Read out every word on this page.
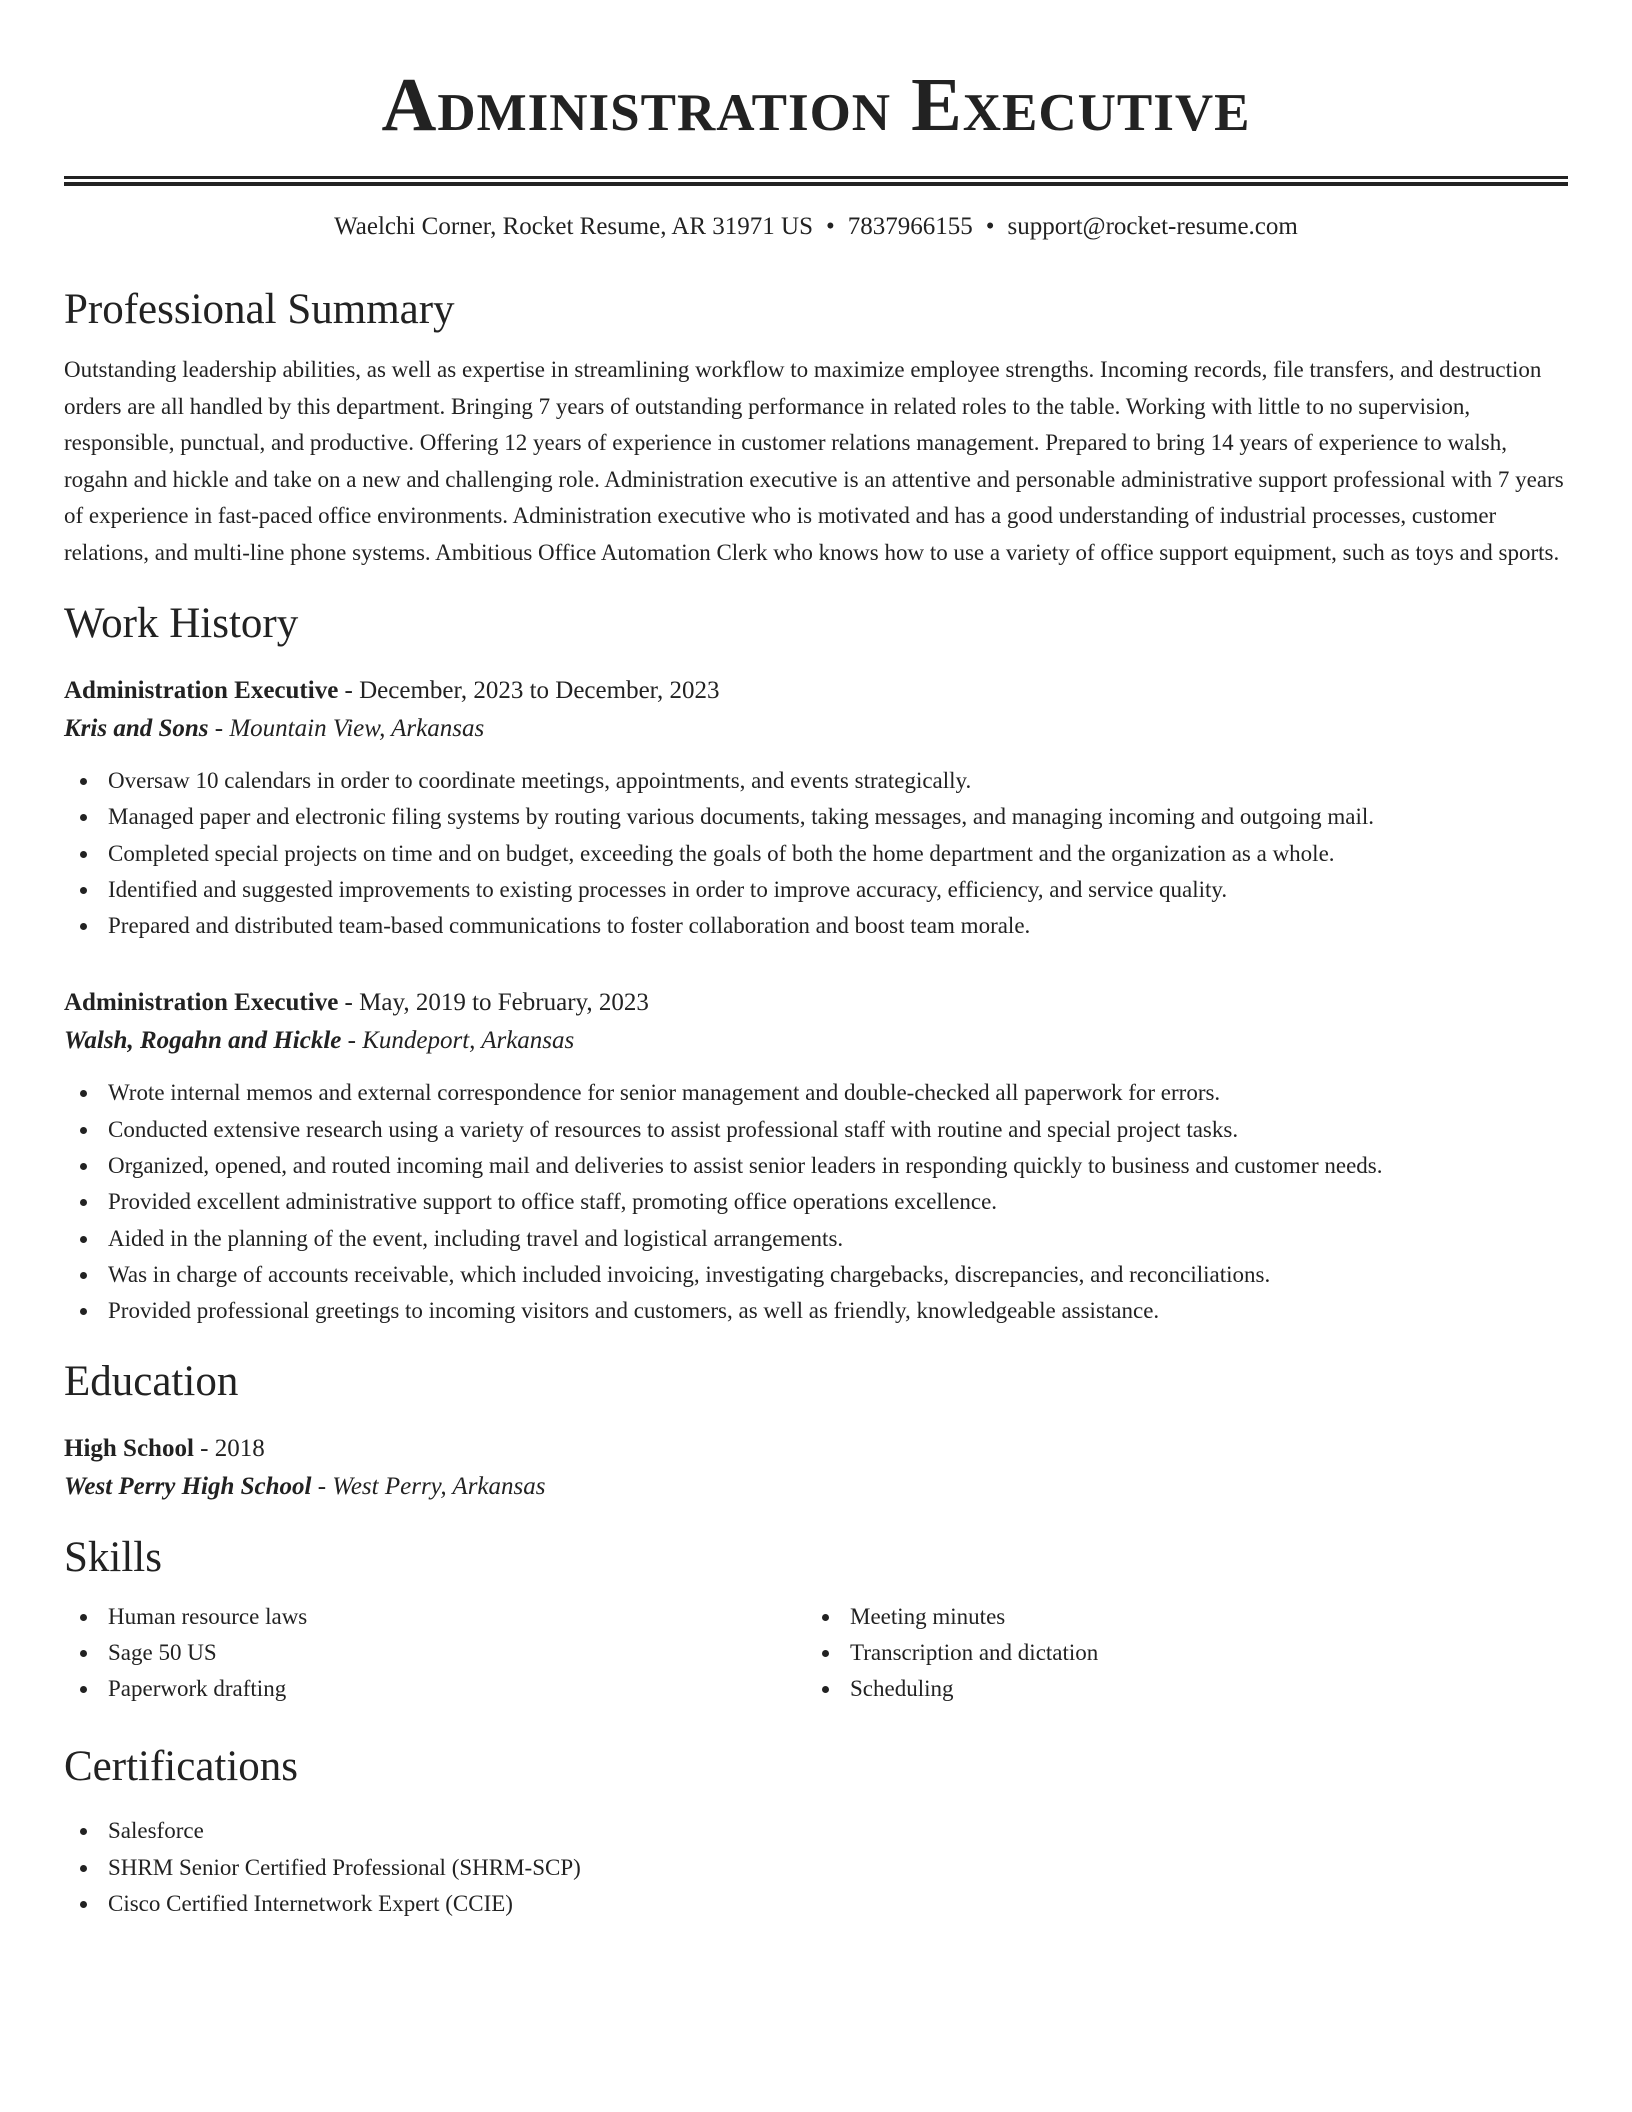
Administration Executive
Waelchi Corner, Rocket Resume, AR 31971 US • 7837966155 • support@rocket-resume.com
Professional Summary

Outstanding leadership abilities, as well as expertise in streamlining workflow to maximize employee strengths. Incoming records, file transfers, and destruction orders are all handled by this department. Bringing 7 years of outstanding performance in related roles to the table. Working with little to no supervision, responsible, punctual, and productive. Offering 12 years of experience in customer relations management. Prepared to bring 14 years of experience to walsh, rogahn and hickle and take on a new and challenging role. Administration executive is an attentive and personable administrative support professional with 7 years of experience in fast-paced office environments. Administration executive who is motivated and has a good understanding of industrial processes, customer relations, and multi-line phone systems. Ambitious Office Automation Clerk who knows how to use a variety of office support equipment, such as toys and sports.

Work History
Administration Executive - December, 2023 to December, 2023
Kris and Sons - Mountain View, Arkansas
Oversaw 10 calendars in order to coordinate meetings, appointments, and events strategically.
Managed paper and electronic filing systems by routing various documents, taking messages, and managing incoming and outgoing mail.
Completed special projects on time and on budget, exceeding the goals of both the home department and the organization as a whole.
Identified and suggested improvements to existing processes in order to improve accuracy, efficiency, and service quality.
Prepared and distributed team-based communications to foster collaboration and boost team morale.
Administration Executive - May, 2019 to February, 2023
Walsh, Rogahn and Hickle - Kundeport, Arkansas
Wrote internal memos and external correspondence for senior management and double-checked all paperwork for errors.
Conducted extensive research using a variety of resources to assist professional staff with routine and special project tasks.
Organized, opened, and routed incoming mail and deliveries to assist senior leaders in responding quickly to business and customer needs.
Provided excellent administrative support to office staff, promoting office operations excellence.
Aided in the planning of the event, including travel and logistical arrangements.
Was in charge of accounts receivable, which included invoicing, investigating chargebacks, discrepancies, and reconciliations.
Provided professional greetings to incoming visitors and customers, as well as friendly, knowledgeable assistance.
Education
High School - 2018
West Perry High School - West Perry, Arkansas
Skills
Human resource laws
Sage 50 US
Paperwork drafting
Meeting minutes
Transcription and dictation
Scheduling
Certifications
Salesforce
SHRM Senior Certified Professional (SHRM-SCP)
Cisco Certified Internetwork Expert (CCIE)
